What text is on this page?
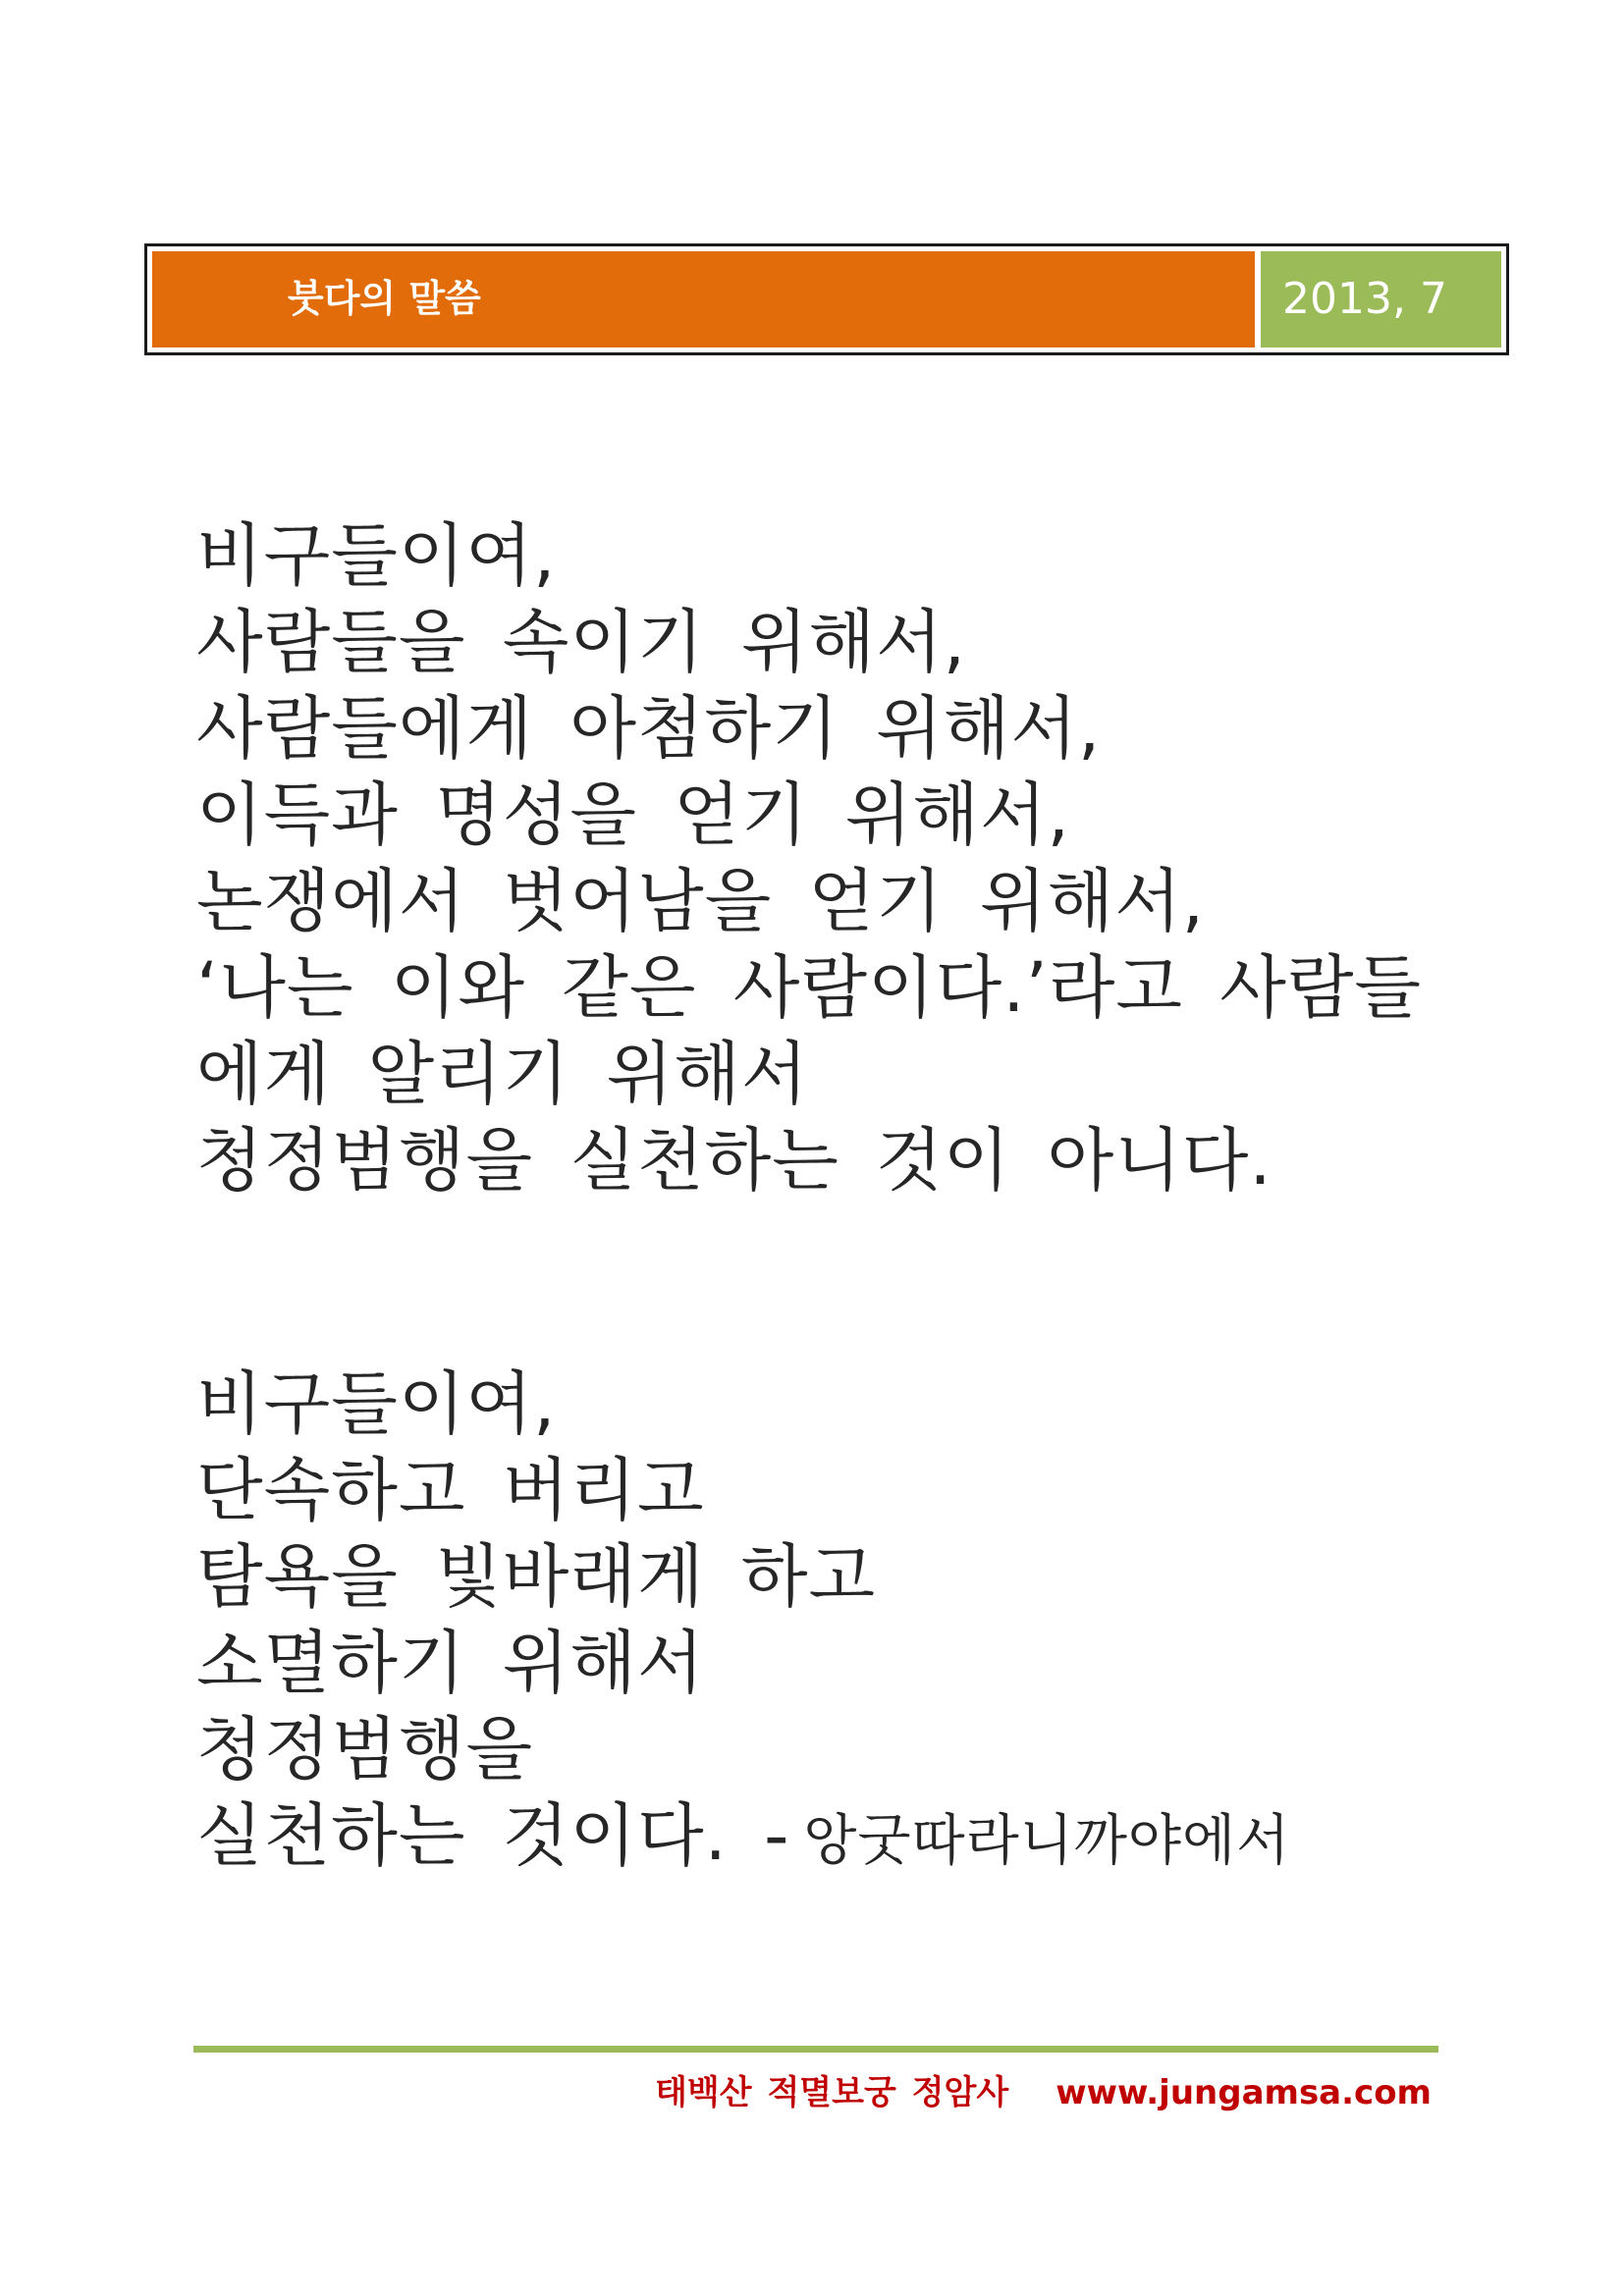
붓다의 말씀	2013, 7
비구들이여,
사람들을 속이기 위해서,
사람들에게 아첨하기 위해서,
이득과 명성을 얻기 위해서,
논쟁에서 벗어남을 얻기 위해서,
‘나는 이와 같은 사람이다.’라고 사람들
에게 알리기 위해서
청정범행을 실천하는 것이 아니다.
비구들이여,
단속하고 버리고
탐욕을 빛바래게 하고
소멸하기 위해서
청정범행을
실천하는 것이다. - 앙굿따라니까야에서
태백산 적멸보궁 정암사 www.jungamsa.com
